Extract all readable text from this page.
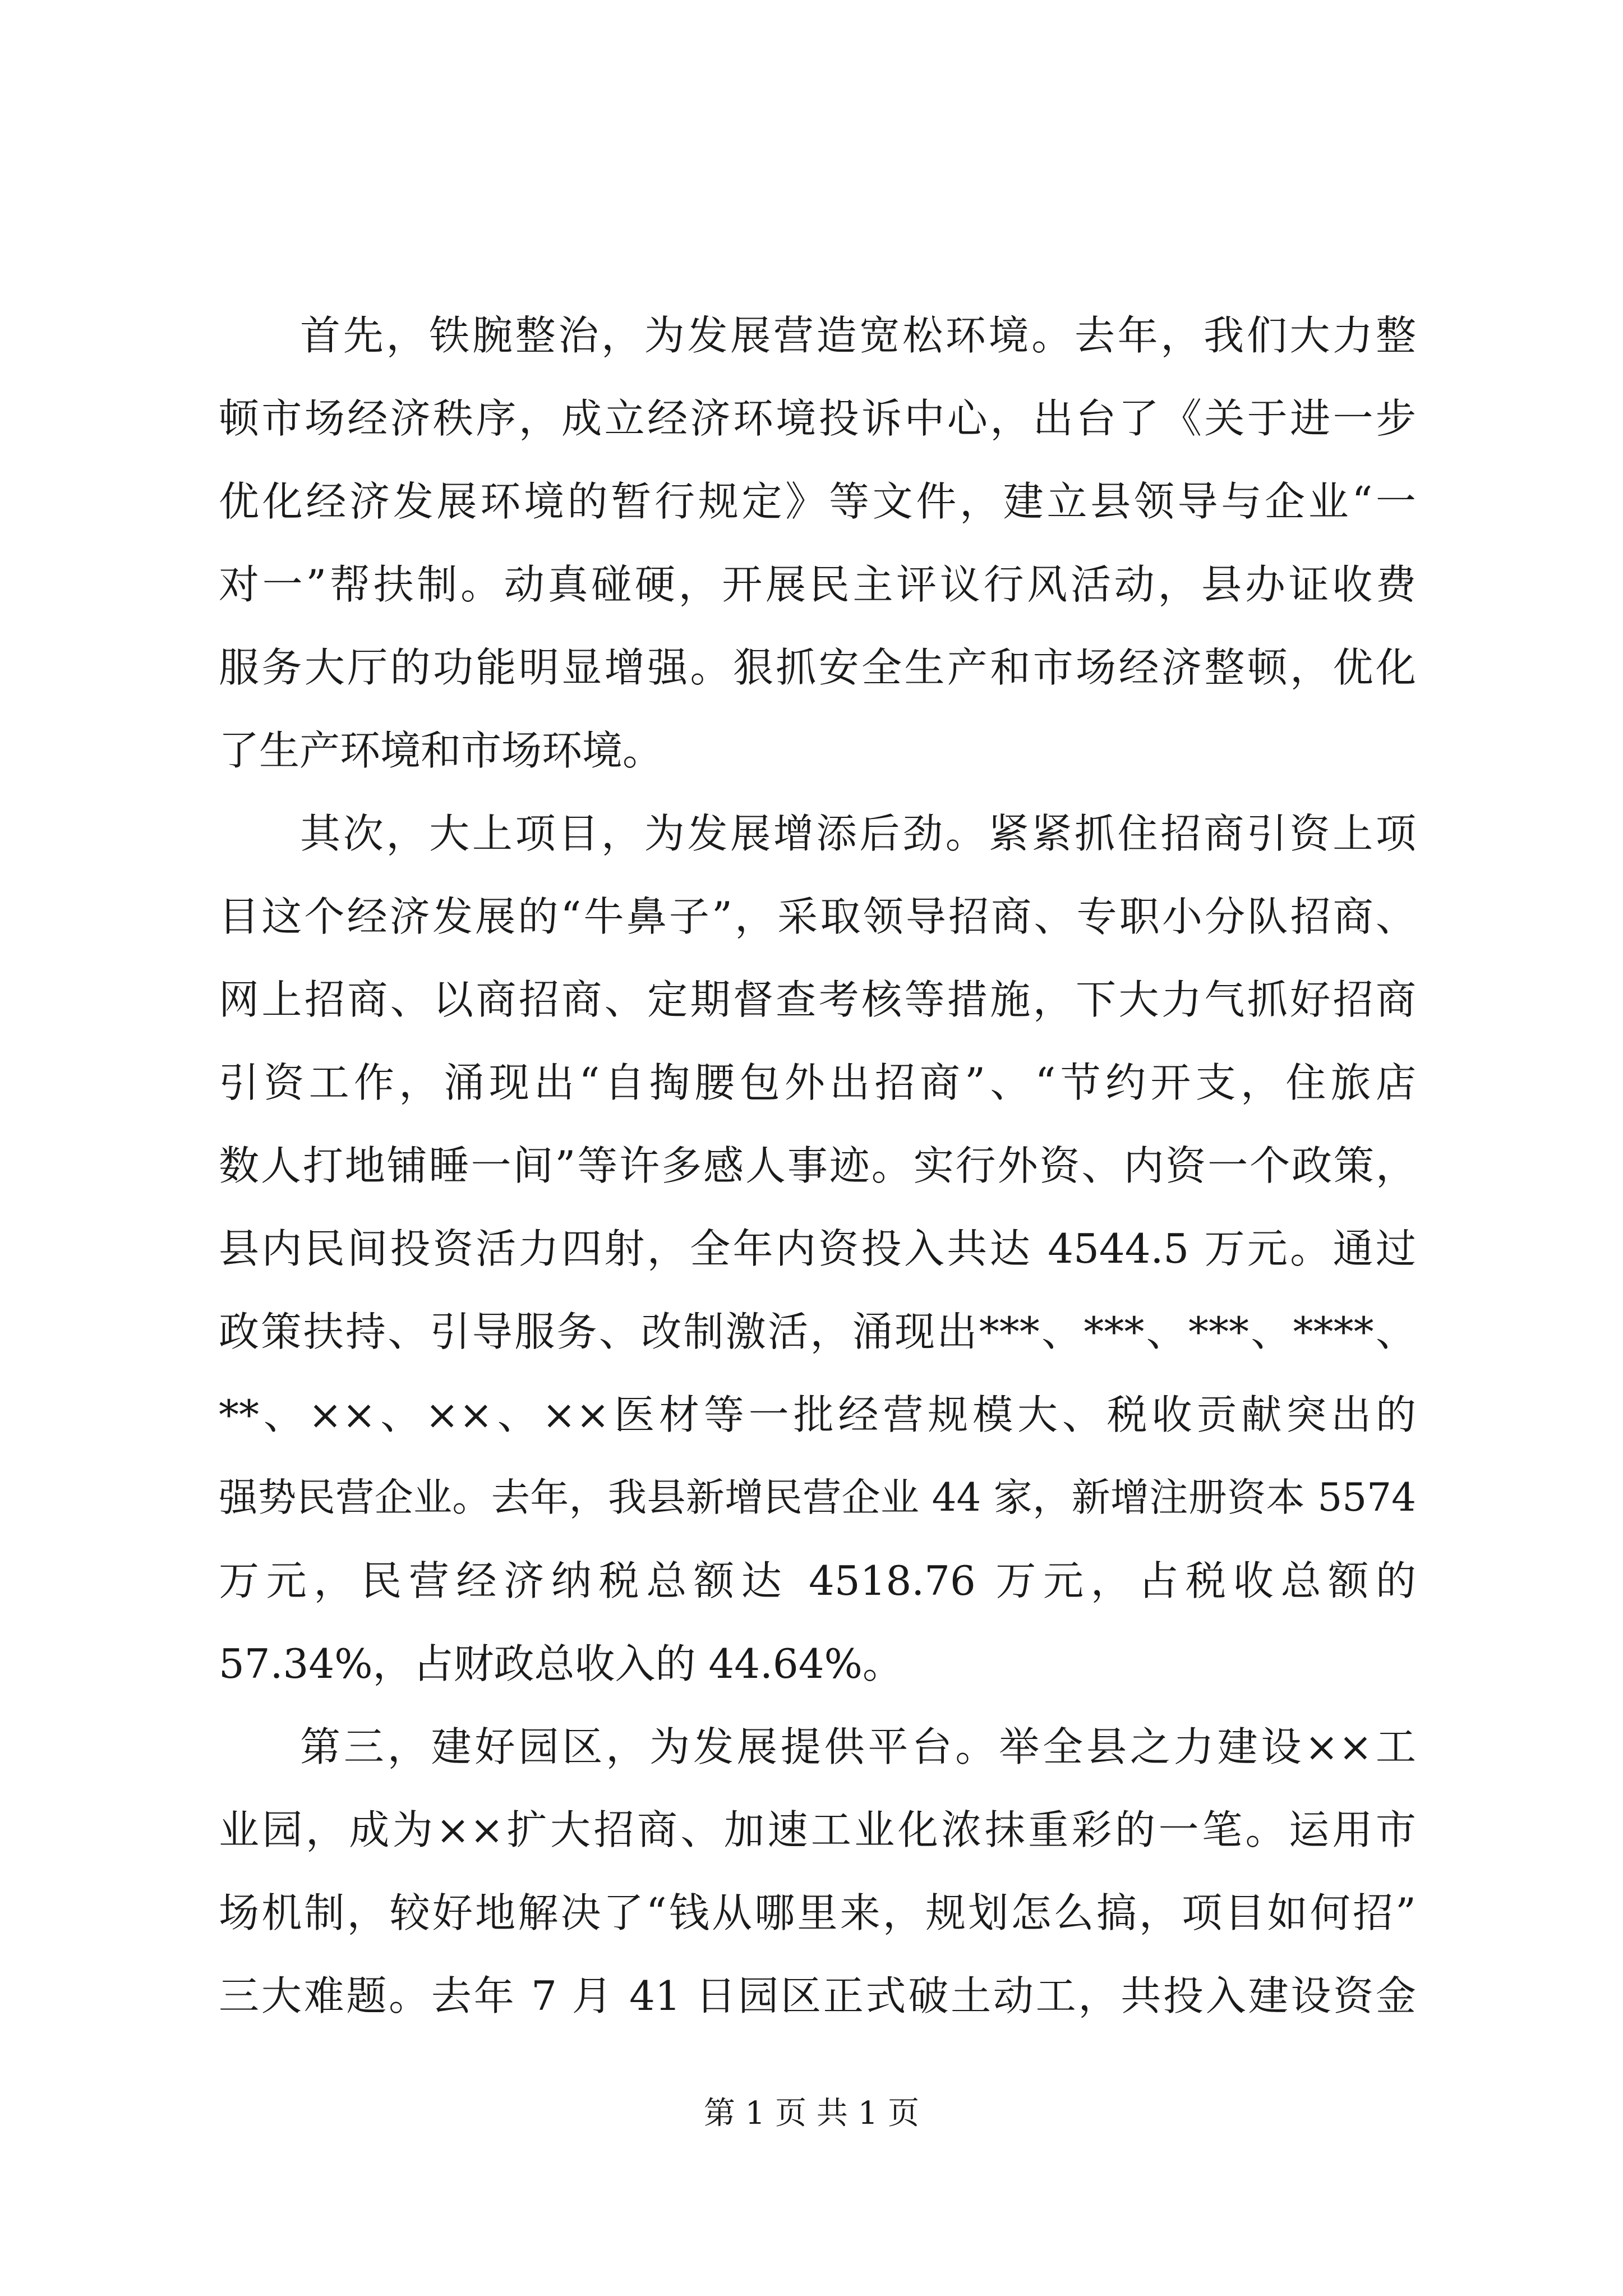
首先，铁腕整治，为发展营造宽松环境。去年，我们大力整
顿市场经济秩序，成立经济环境投诉中心，出台了《关于进一步
优化经济发展环境的暂行规定》等文件，建立县领导与企业“一
对一”帮扶制。动真碰硬，开展民主评议行风活动，县办证收费
服务大厅的功能明显增强。狠抓安全生产和市场经济整顿，优化
了生产环境和市场环境。
其次，大上项目，为发展增添后劲。紧紧抓住招商引资上项
目这个经济发展的“牛鼻子”，采取领导招商、专职小分队招商、
网上招商、以商招商、定期督查考核等措施，下大力气抓好招商
引资工作，涌现出“自掏腰包外出招商”、“节约开支，住旅店
数人打地铺睡一间”等许多感人事迹。实行外资、内资一个政策，
县内民间投资活力四射，全年内资投入共达 4544.5 万元。通过
政策扶持、引导服务、改制激活，涌现出***、***、***、****、
**、××、××、××医材等一批经营规模大、税收贡献突出的
强势民营企业。去年，我县新增民营企业 44 家，新增注册资本 5574
万元，民营经济纳税总额达 4518.76 万元，占税收总额的
57.34%，占财政总收入的 44.64%。
第三，建好园区，为发展提供平台。举全县之力建设××工
业园，成为××扩大招商、加速工业化浓抹重彩的一笔。运用市
场机制，较好地解决了“钱从哪里来，规划怎么搞，项目如何招”
三大难题。去年 7 月 41 日园区正式破土动工，共投入建设资金
第 1 页 共 1 页
